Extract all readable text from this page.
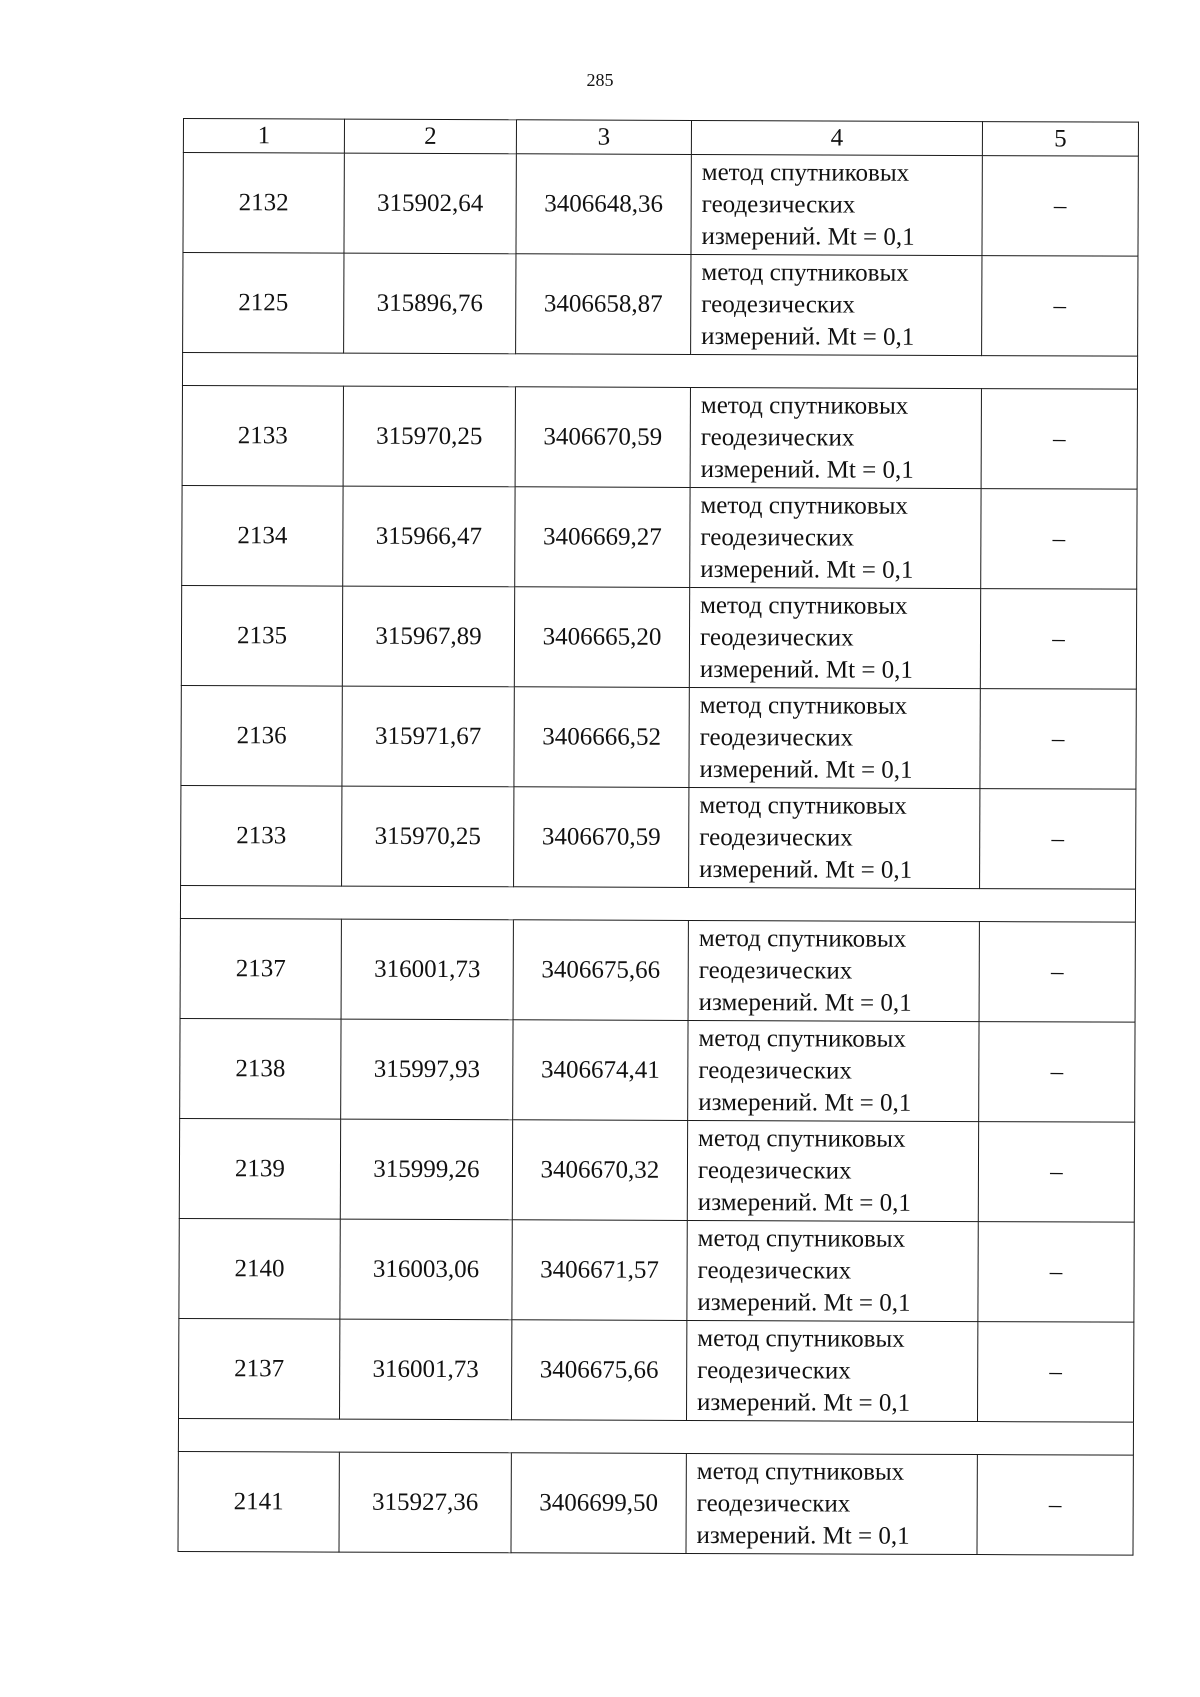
285
1	2	3	4	5
2132	315902,64	3406648,36	метод спутниковых
геодезических
измерений. Mt = 0,1	–
2125	315896,76	3406658,87	метод спутниковых
геодезических
измерений. Mt = 0,1	–

2133	315970,25	3406670,59	метод спутниковых
геодезических
измерений. Mt = 0,1	–
2134	315966,47	3406669,27	метод спутниковых
геодезических
измерений. Mt = 0,1	–
2135	315967,89	3406665,20	метод спутниковых
геодезических
измерений. Mt = 0,1	–
2136	315971,67	3406666,52	метод спутниковых
геодезических
измерений. Mt = 0,1	–
2133	315970,25	3406670,59	метод спутниковых
геодезических
измерений. Mt = 0,1	–

2137	316001,73	3406675,66	метод спутниковых
геодезических
измерений. Mt = 0,1	–
2138	315997,93	3406674,41	метод спутниковых
геодезических
измерений. Mt = 0,1	–
2139	315999,26	3406670,32	метод спутниковых
геодезических
измерений. Mt = 0,1	–
2140	316003,06	3406671,57	метод спутниковых
геодезических
измерений. Mt = 0,1	–
2137	316001,73	3406675,66	метод спутниковых
геодезических
измерений. Mt = 0,1	–

2141	315927,36	3406699,50	метод спутниковых
геодезических
измерений. Mt = 0,1	–
